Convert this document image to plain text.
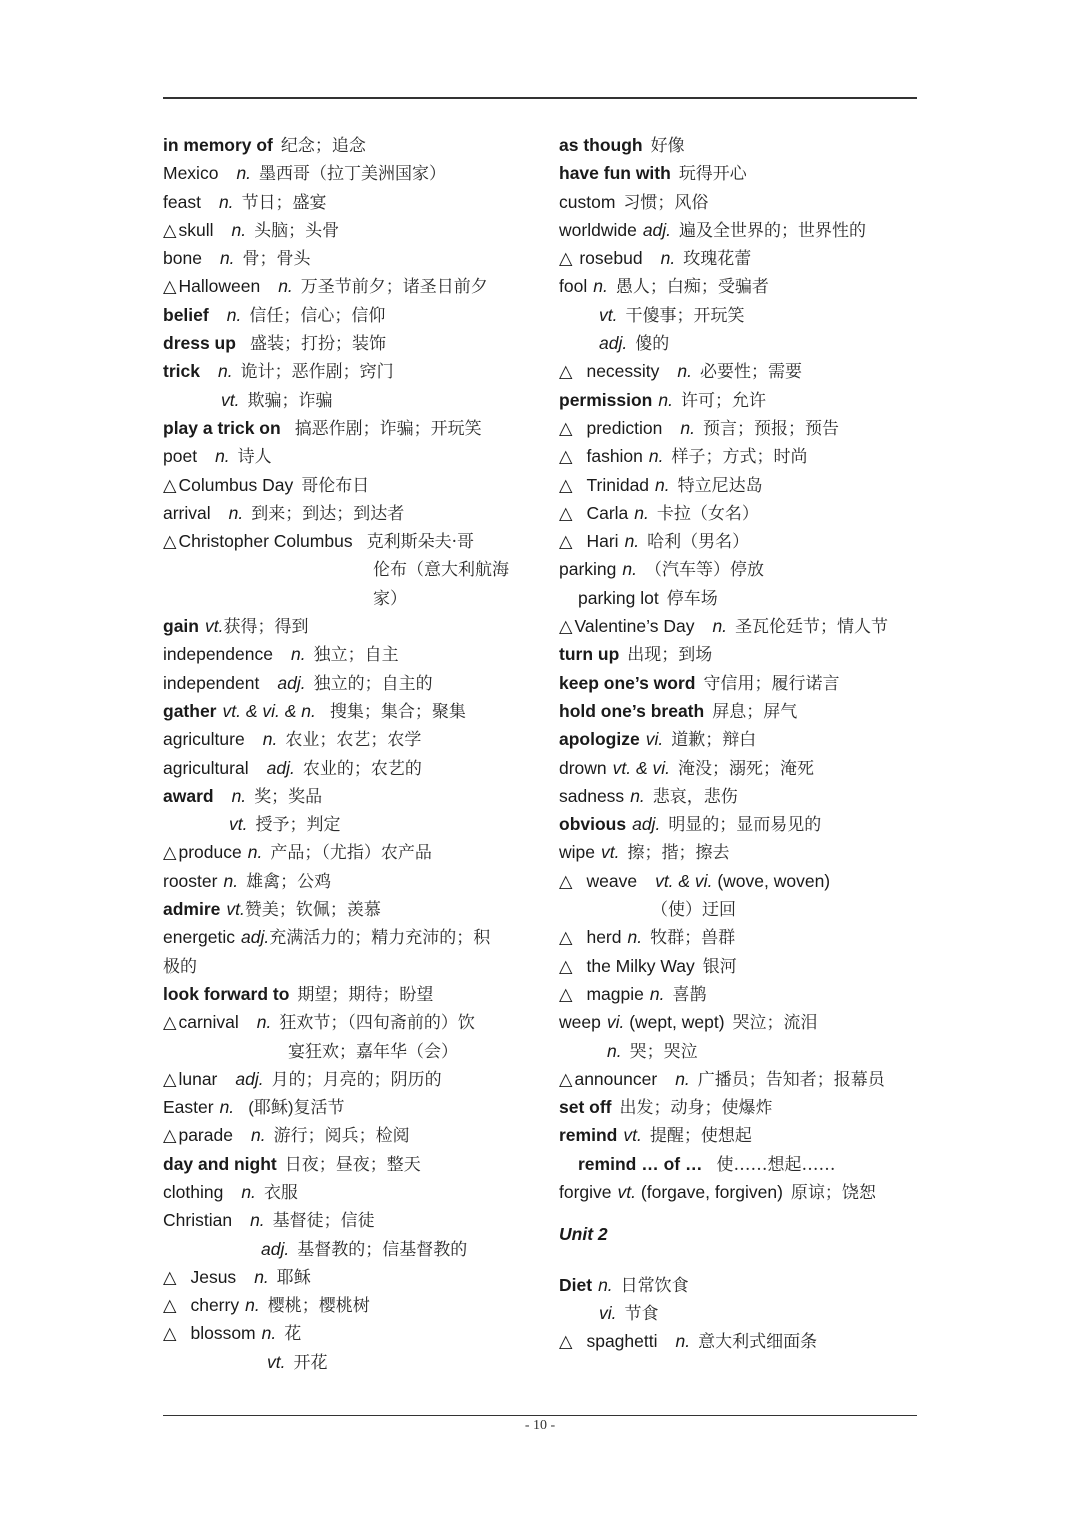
in memory of 纪念；追念
Mexico n. 墨西哥（拉丁美洲国家）
feast n. 节日；盛宴
△ skull n. 头脑；头骨
bone n. 骨；骨头
△ Halloween n. 万圣节前夕；诸圣日前夕
belief n. 信任；信心；信仰
dress up 盛装；打扮；装饰
trick n. 诡计；恶作剧；窍门
vt. 欺骗；诈骗
play a trick on 搞恶作剧；诈骗；开玩笑
poet n. 诗人
△ Columbus Day 哥伦布日
arrival n. 到来；到达；到达者
△ Christopher Columbus 克利斯朵夫·哥
伦布（意大利航海
家）
gain vt.获得；得到
independence n. 独立；自主
independent adj. 独立的；自主的
gather vt. & vi. & n. 搜集；集合；聚集
agriculture n. 农业；农艺；农学
agricultural adj. 农业的；农艺的
award n. 奖；奖品
vt. 授予；判定
△ produce n. 产品；（尤指）农产品
rooster n. 雄禽；公鸡
admire vt.赞美；钦佩；羡慕
energetic adj.充满活力的；精力充沛的；积
极的
look forward to 期望；期待；盼望
△ carnival n. 狂欢节；（四旬斋前的）饮
宴狂欢；嘉年华（会）
△ lunar adj. 月的；月亮的；阴历的
Easter n. (耶稣)复活节
△ parade n. 游行；阅兵；检阅
day and night 日夜；昼夜；整天
clothing n. 衣服
Christian n. 基督徒；信徒
adj. 基督教的；信基督教的
△ Jesus n. 耶稣
△ cherry n. 樱桃；樱桃树
△ blossom n. 花
vt. 开花
as though 好像
have fun with 玩得开心
custom 习惯；风俗
worldwide adj. 遍及全世界的；世界性的
△ rosebud n. 玫瑰花蕾
fool n. 愚人；白痴；受骗者
vt. 干傻事；开玩笑
adj. 傻的
△ necessity n. 必要性；需要
permission n. 许可；允许
△ prediction n. 预言；预报；预告
△ fashion n. 样子；方式；时尚
△ Trinidad n. 特立尼达岛
△ Carla n. 卡拉（女名）
△ Hari n. 哈利（男名）
parking n. （汽车等）停放
parking lot 停车场
△ Valentine’s Day n. 圣瓦伦廷节；情人节
turn up 出现；到场
keep one’s word 守信用；履行诺言
hold one’s breath 屏息；屏气
apologize vi. 道歉；辩白
drown vt. & vi. 淹没；溺死；淹死
sadness n. 悲哀，悲伤
obvious adj. 明显的；显而易见的
wipe vt. 擦；揩；擦去
△ weave vt. & vi. (wove, woven)
（使）迂回
△ herd n. 牧群；兽群
△ the Milky Way 银河
△ magpie n. 喜鹊
weep vi. (wept, wept) 哭泣；流泪
n. 哭；哭泣
△ announcer n. 广播员；告知者；报幕员
set off 出发；动身；使爆炸
remind vt. 提醒；使想起
remind … of … 使……想起……
forgive vt. (forgave, forgiven) 原谅；饶恕
Unit 2
Diet n. 日常饮食
vi. 节食
△ spaghetti n. 意大利式细面条
- 10 -
